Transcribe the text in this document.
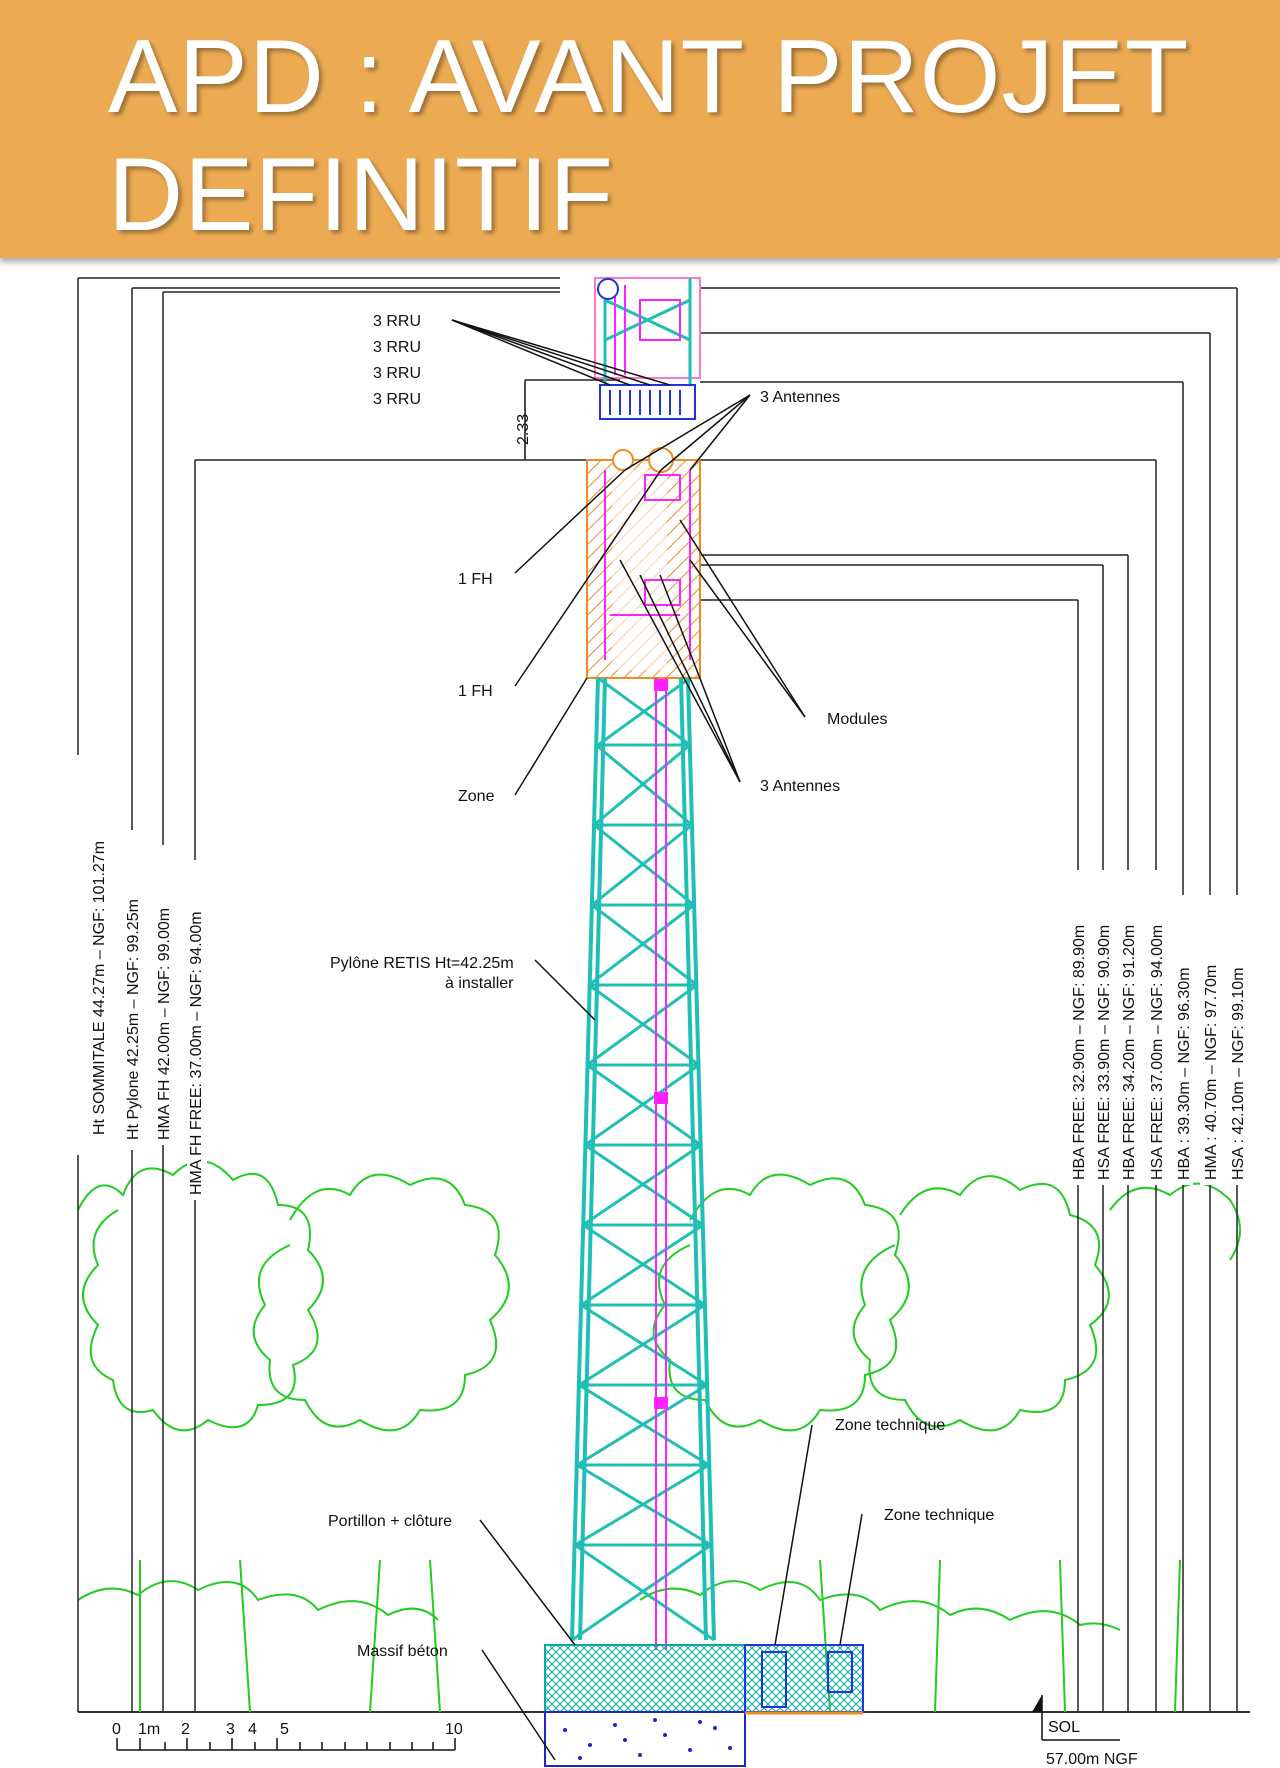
APD : AVANT PROJET
DEFINITIF
Ht SOMMITALE 44.27m – NGF: 101.27m Ht Pylone 42.25m – NGF: 99.25m HMA FH 42.00m – NGF: 99.00m HMA FH FREE: 37.00m – NGF: 94.00m	HBA FREE: 32.90m – NGF: 89.90m HSA FREE: 33.90m – NGF: 90.90m HBA FREE: 34.20m – NGF: 91.20m HSA FREE: 37.00m – NGF: 94.00m HBA : 39.30m – NGF: 96.30m HMA : 40.70m – NGF: 97.70m HSA : 42.10m – NGF: 99.10m
0 1m 2 3 4 5	10
3 RRU
3 RRU
3 RRU
3 RRU	3 Antennes
2.33
1 FH
1 FH
Modules
3 Antennes
Zone
Pylône RETIS Ht=42.25m
à installer
Zone technique
Zone technique
Portillon + clôture
Massif béton
SOL
57.00m NGF
